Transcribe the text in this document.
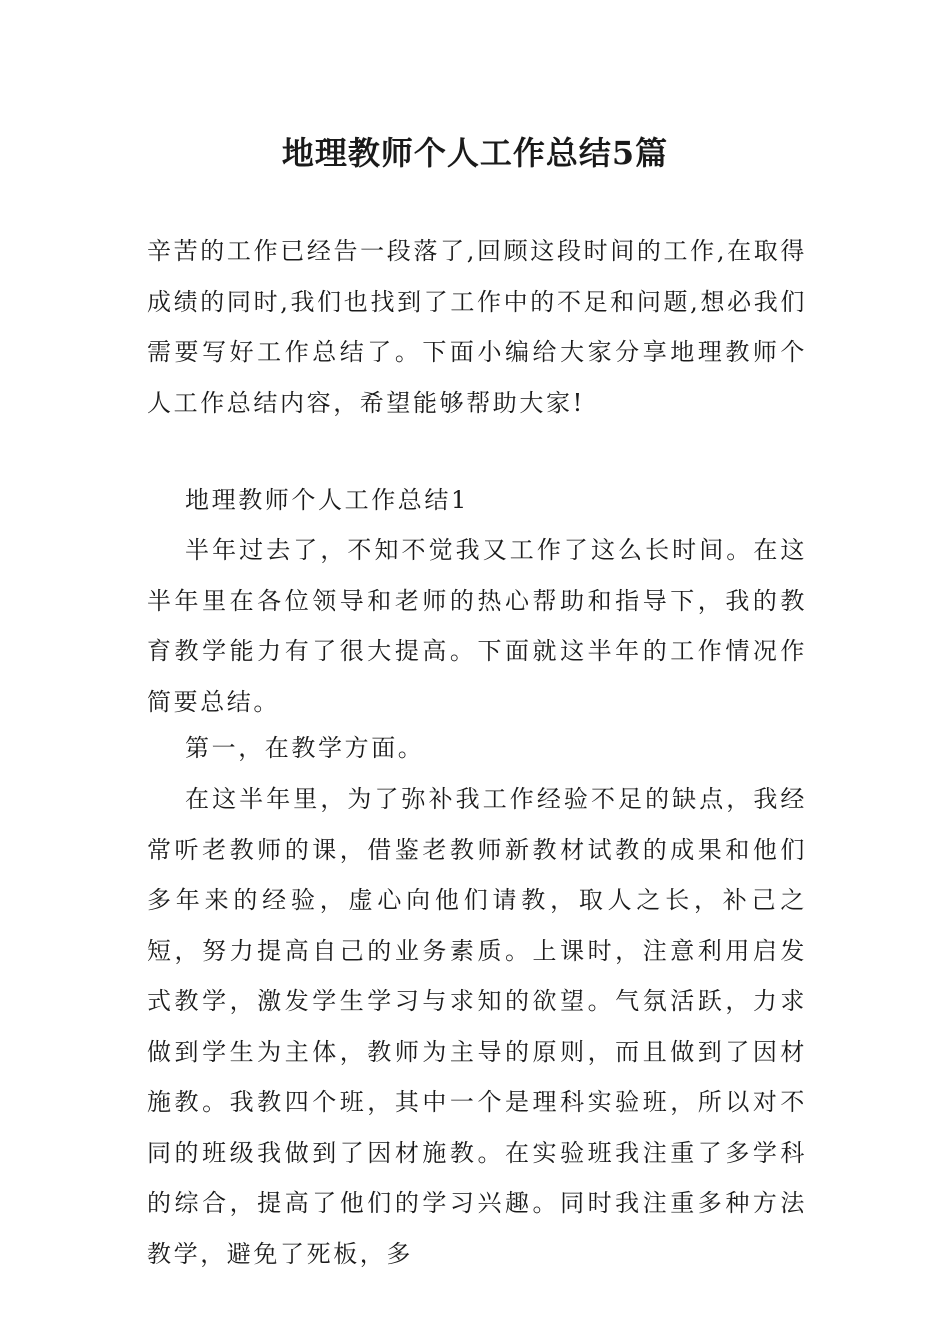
地理教师个人工作总结5篇

辛苦的工作已经告一段落了,回顾这段时间的工作,在取得成绩的同时,我们也找到了工作中的不足和问题,想必我们需要写好工作总结了。下面小编给大家分享地理教师个人工作总结内容，希望能够帮助大家!

地理教师个人工作总结1

半年过去了，不知不觉我又工作了这么长时间。在这半年里在各位领导和老师的热心帮助和指导下，我的教育教学能力有了很大提高。下面就这半年的工作情况作简要总结。

第一，在教学方面。

在这半年里，为了弥补我工作经验不足的缺点，我经常听老教师的课，借鉴老教师新教材试教的成果和他们多年来的经验，虚心向他们请教，取人之长，补己之短，努力提高自己的业务素质。上课时，注意利用启发式教学，激发学生学习与求知的欲望。气氛活跃，力求做到学生为主体，教师为主导的原则，而且做到了因材施教。我教四个班，其中一个是理科实验班，所以对不同的班级我做到了因材施教。在实验班我注重了多学科的综合，提高了他们的学习兴趣。同时我注重多种方法教学，避免了死板，多
